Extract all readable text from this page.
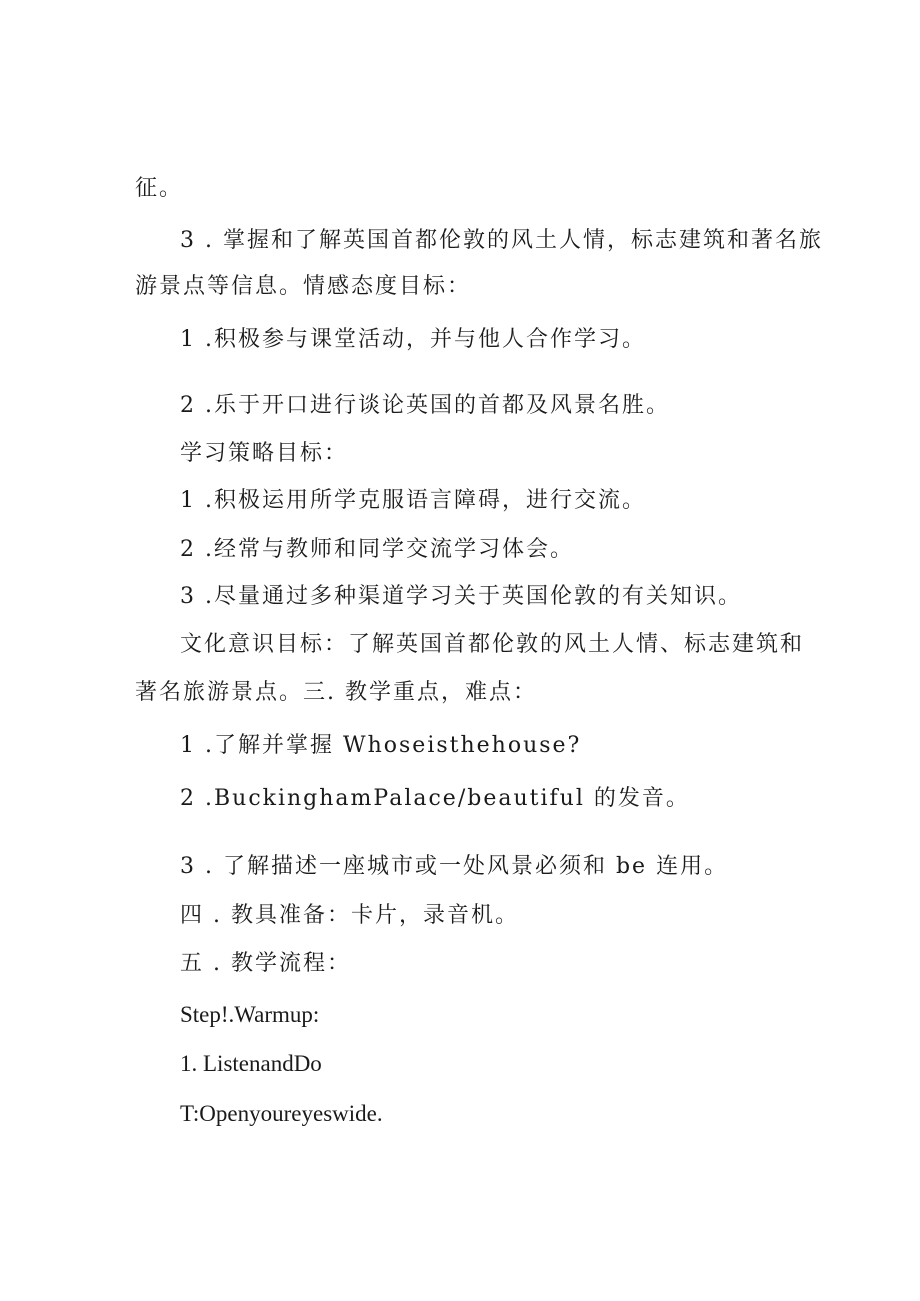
征。

3 . 掌握和了解英国首都伦敦的风土人情，标志建筑和著名旅

游景点等信息。情感态度目标：

1 .积极参与课堂活动，并与他人合作学习。

2 .乐于开口进行谈论英国的首都及风景名胜。

学习策略目标：

1 .积极运用所学克服语言障碍，进行交流。

2 .经常与教师和同学交流学习体会。

3 .尽量通过多种渠道学习关于英国伦敦的有关知识。

文化意识目标：了解英国首都伦敦的风土人情、标志建筑和

著名旅游景点。三. 教学重点，难点：

1 .了解并掌握 Whoseisthehouse?

2 .BuckinghamPalace/beautiful 的发音。

3 . 了解描述一座城市或一处风景必须和 be 连用。

四 . 教具准备：卡片，录音机。

五 . 教学流程：

Step!.Warmup:

1. ListenandDo

T:Openyoureyeswide.
